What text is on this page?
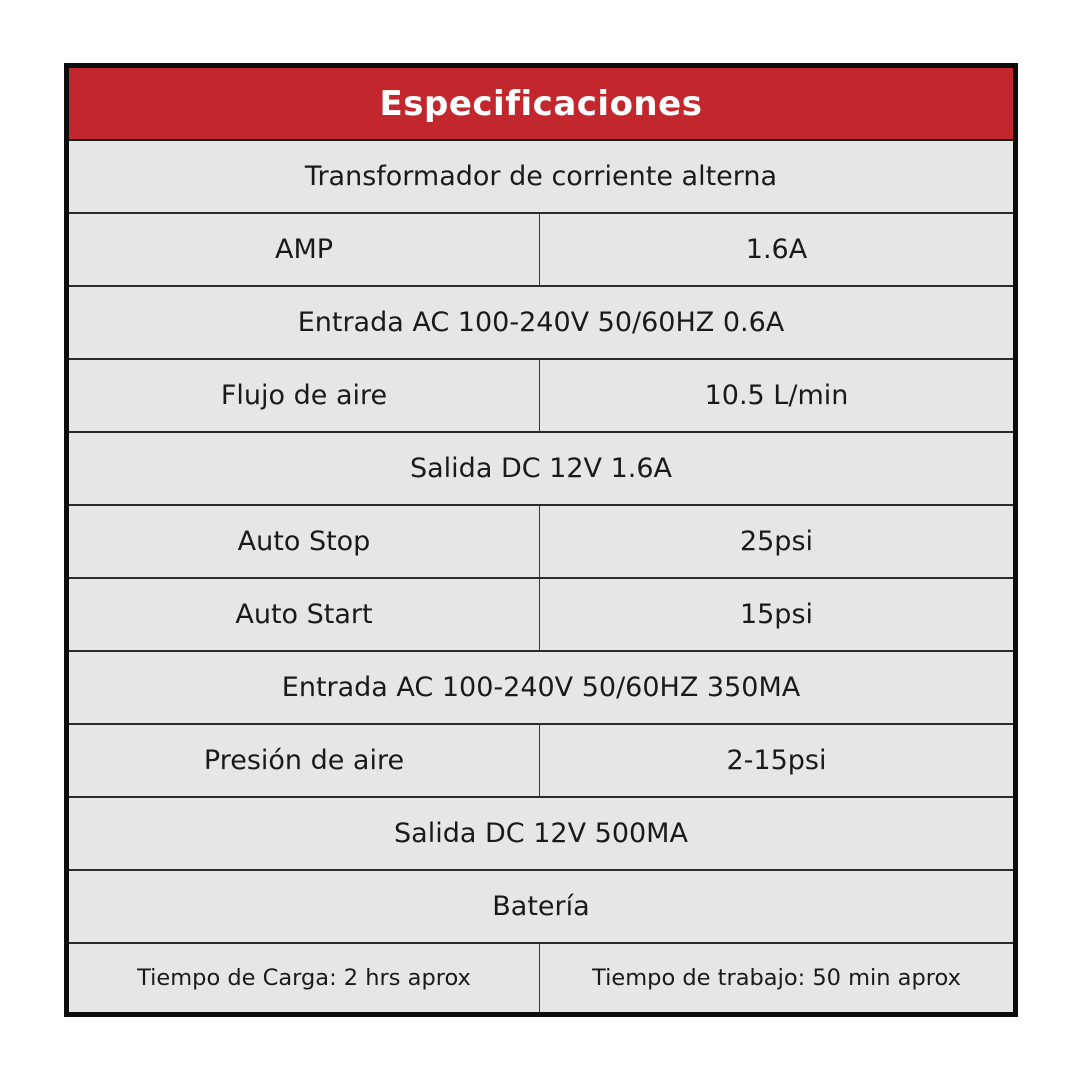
Especificaciones
Transformador de corriente alterna
AMP	1.6A
Entrada AC 100-240V 50/60HZ 0.6A
Flujo de aire	10.5 L/min
Salida DC 12V 1.6A
Auto Stop	25psi
Auto Start	15psi
Entrada AC 100-240V 50/60HZ 350MA
Presión de aire	2-15psi
Salida DC 12V 500MA
Batería
Tiempo de Carga: 2 hrs aprox	Tiempo de trabajo: 50 min aprox
